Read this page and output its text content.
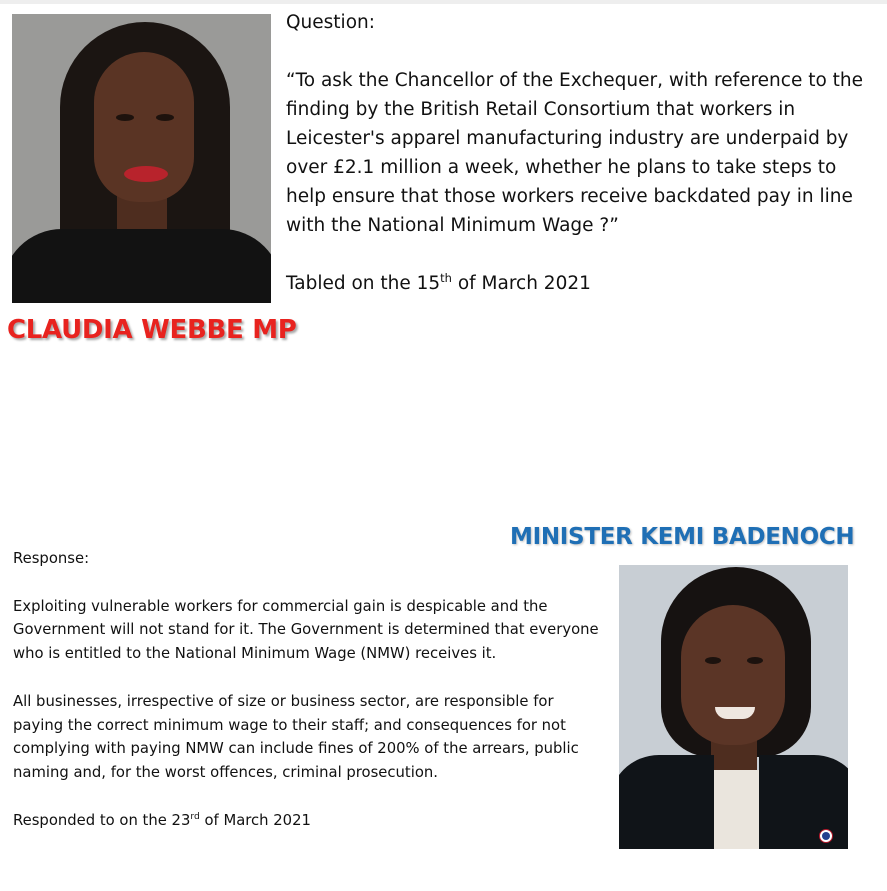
Question:

“To ask the Chancellor of the Exchequer, with reference to the finding by the British Retail Consortium that workers in Leicester's apparel manufacturing industry are underpaid by over £2.1 million a week, whether he plans to take steps to help ensure that those workers receive backdated pay in line with the National Minimum Wage ?”

Tabled on the 15th of March 2021

CLAUDIA WEBBE MP
MINISTER KEMI BADENOCH

Response:

Exploiting vulnerable workers for commercial gain is despicable and the Government will not stand for it. The Government is determined that everyone who is entitled to the National Minimum Wage (NMW) receives it.

All businesses, irrespective of size or business sector, are responsible for paying the correct minimum wage to their staff; and consequences for not complying with paying NMW can include fines of 200% of the arrears, public naming and, for the worst offences, criminal prosecution.

Responded to on the 23rd of March 2021
